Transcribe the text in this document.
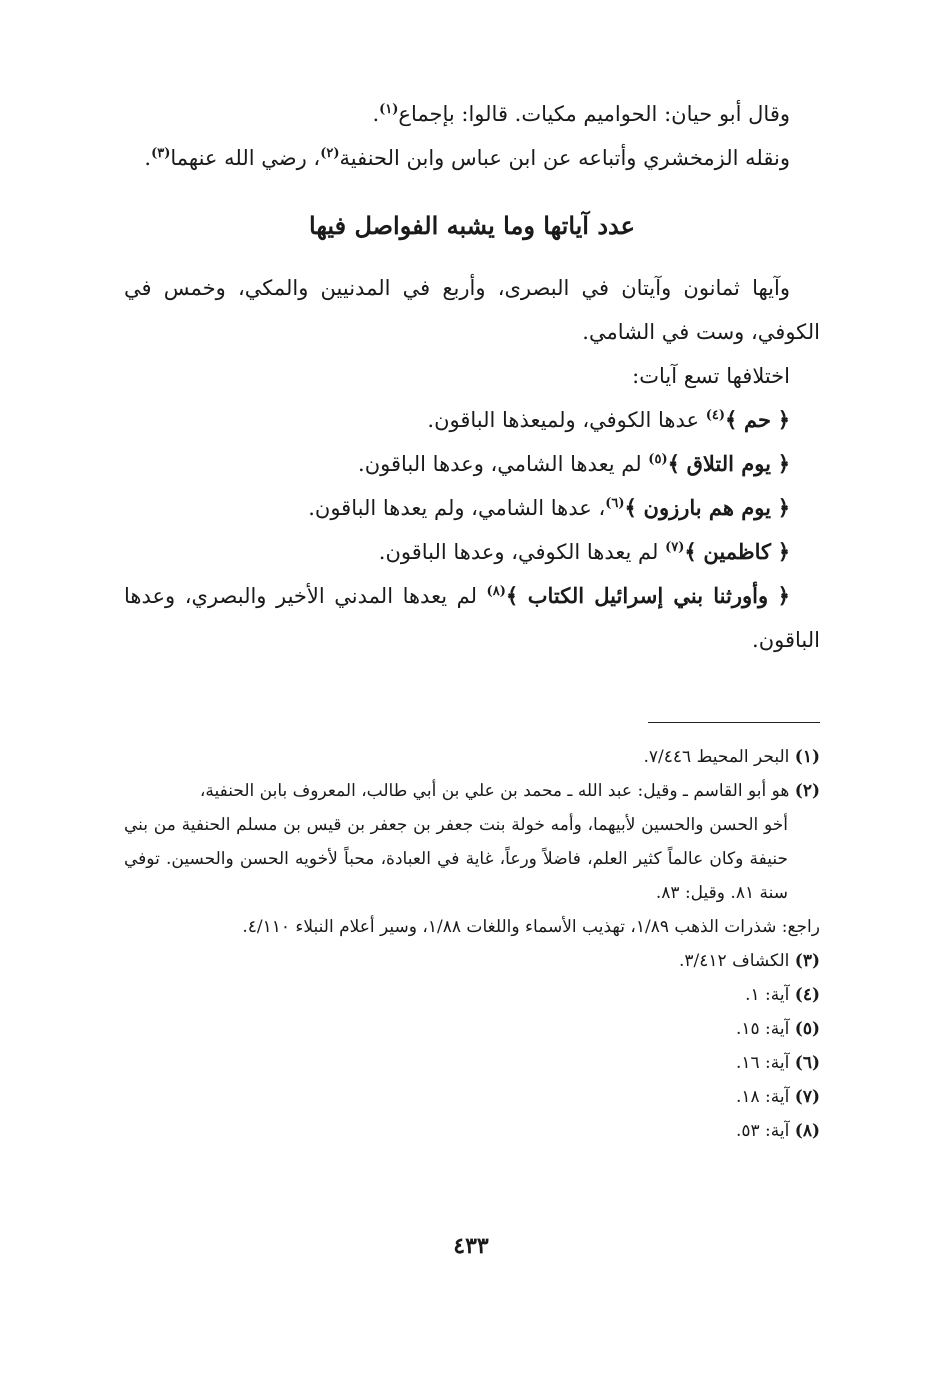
وقال أبو حيان: الحواميم مكيات. قالوا: بإجماع$^{(١)}$.

ونقله الزمخشري وأتباعه عن ابن عباس وابن الحنفية$^{(٢)}$، رضي الله عنهما$^{(٣)}$.

عدد آياتها وما يشبه الفواصل فيها

وآيها ثمانون وآيتان في البصرى، وأربع في المدنيين والمكي، وخمس في الكوفي، وست في الشامي.

اختلافها تسع آيات:

﴿ حم ﴾$^{(٤)}$ عدها الكوفي، ولميعذها الباقون.

﴿ يوم التلاق ﴾$^{(٥)}$ لم يعدها الشامي، وعدها الباقون.

﴿ يوم هم بارزون ﴾$^{(٦)}$، عدها الشامي، ولم يعدها الباقون.

﴿ كاظمين ﴾$^{(٧)}$ لم يعدها الكوفي، وعدها الباقون.

﴿ وأورثنا بني إسرائيل الكتاب ﴾$^{(٨)}$ لم يعدها المدني الأخير والبصري، وعدها الباقون.

(١) البحر المحيط ٧/٤٤٦.

(٢) هو أبو القاسم ـ وقيل: عبد الله ـ محمد بن علي بن أبي طالب، المعروف بابن الحنفية،

أخو الحسن والحسين لأبيهما، وأمه خولة بنت جعفر بن جعفر بن قيس بن مسلم الحنفية من بني حنيفة وكان عالماً كثير العلم، فاضلاً ورعاً، غاية في العبادة، محباً لأخويه الحسن والحسين. توفي سنة ٨١. وقيل: ٨٣.

راجع: شذرات الذهب ١/٨٩، تهذيب الأسماء واللغات ١/٨٨، وسير أعلام النبلاء ٤/١١٠.

(٣) الكشاف ٣/٤١٢.

(٤) آية: ١.

(٥) آية: ١٥.

(٦) آية: ١٦.

(٧) آية: ١٨.

(٨) آية: ٥٣.

٤٣٣
